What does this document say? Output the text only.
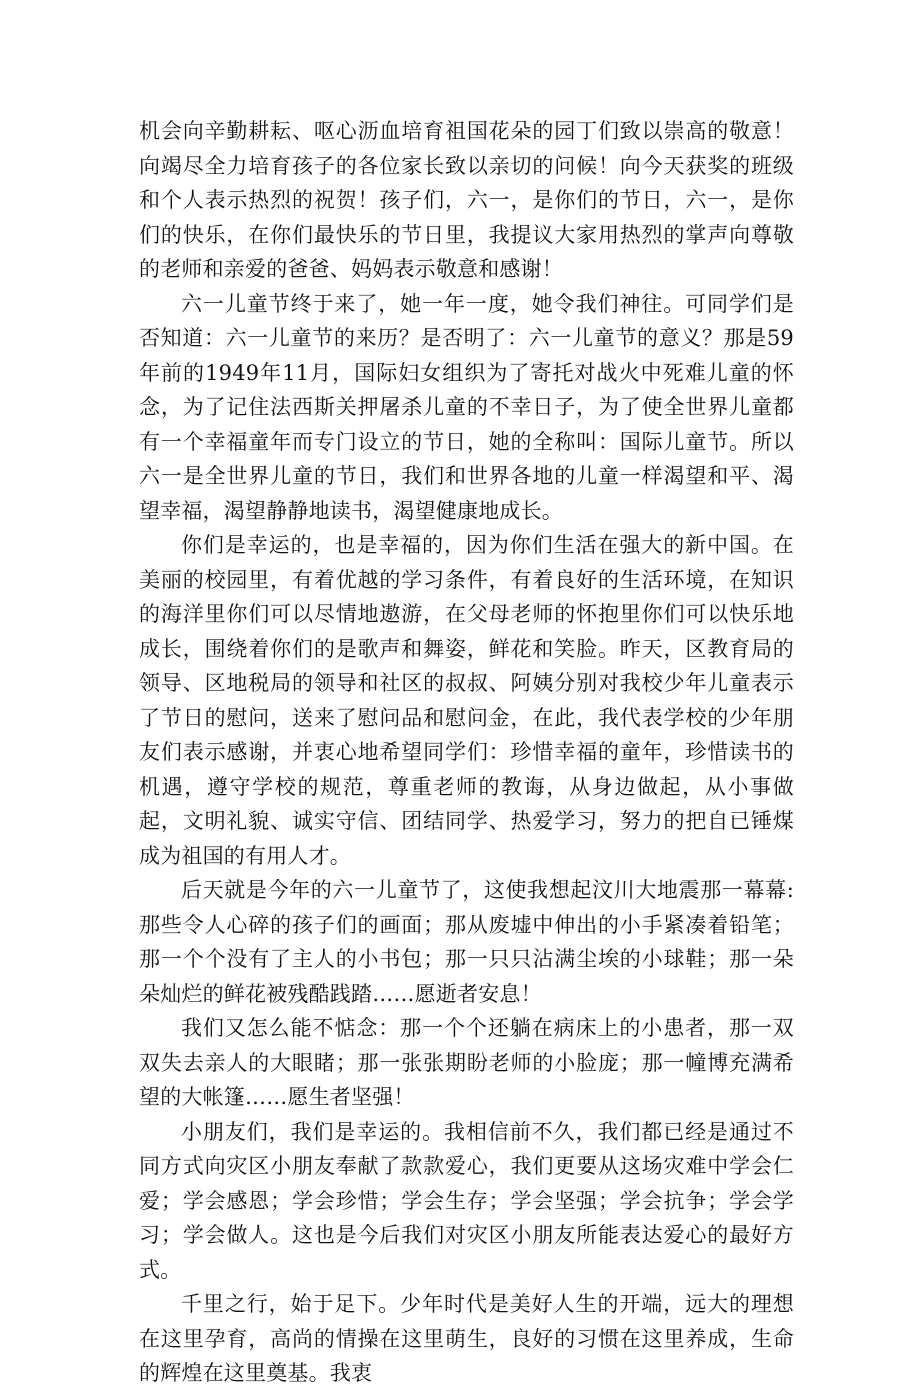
机会向辛勤耕耘、呕心沥血培育祖国花朵的园丁们致以崇高的敬意！向竭尽全力培育孩子的各位家长致以亲切的问候！向今天获奖的班级和个人表示热烈的祝贺！孩子们，六一，是你们的节日，六一，是你们的快乐，在你们最快乐的节日里，我提议大家用热烈的掌声向尊敬的老师和亲爱的爸爸、妈妈表示敬意和感谢！

六一儿童节终于来了，她一年一度，她令我们神往。可同学们是否知道：六一儿童节的来历？是否明了：六一儿童节的意义？那是59年前的1949年11月，国际妇女组织为了寄托对战火中死难儿童的怀念，为了记住法西斯关押屠杀儿童的不幸日子，为了使全世界儿童都有一个幸福童年而专门设立的节日，她的全称叫：国际儿童节。所以六一是全世界儿童的节日，我们和世界各地的儿童一样渴望和平、渴望幸福，渴望静静地读书，渴望健康地成长。

你们是幸运的，也是幸福的，因为你们生活在强大的新中国。在美丽的校园里，有着优越的学习条件，有着良好的生活环境，在知识的海洋里你们可以尽情地遨游，在父母老师的怀抱里你们可以快乐地成长，围绕着你们的是歌声和舞姿，鲜花和笑脸。昨天，区教育局的领导、区地税局的领导和社区的叔叔、阿姨分别对我校少年儿童表示了节日的慰问，送来了慰问品和慰问金，在此，我代表学校的少年朋友们表示感谢，并衷心地希望同学们：珍惜幸福的童年，珍惜读书的机遇，遵守学校的规范，尊重老师的教诲，从身边做起，从小事做起，文明礼貌、诚实守信、团结同学、热爱学习，努力的把自已锤煤成为祖国的有用人才。

后天就是今年的六一儿童节了，这使我想起汶川大地震那一幕幕:那些令人心碎的孩子们的画面；那从废墟中伸出的小手紧凑着铅笔；那一个个没有了主人的小书包；那一只只沾满尘埃的小球鞋；那一朵朵灿烂的鲜花被残酷践踏……愿逝者安息！

我们又怎么能不惦念：那一个个还躺在病床上的小患者，那一双双失去亲人的大眼睹；那一张张期盼老师的小脸庞；那一幢博充满希望的大帐篷……愿生者坚强！

小朋友们，我们是幸运的。我相信前不久，我们都已经是通过不同方式向灾区小朋友奉献了款款爱心，我们更要从这场灾难中学会仁爱；学会感恩；学会珍惜；学会生存；学会坚强；学会抗争；学会学习；学会做人。这也是今后我们对灾区小朋友所能表达爱心的最好方式。

千里之行，始于足下。少年时代是美好人生的开端，远大的理想在这里孕育，高尚的情操在这里萌生，良好的习惯在这里养成，生命的辉煌在这里奠基。我衷
